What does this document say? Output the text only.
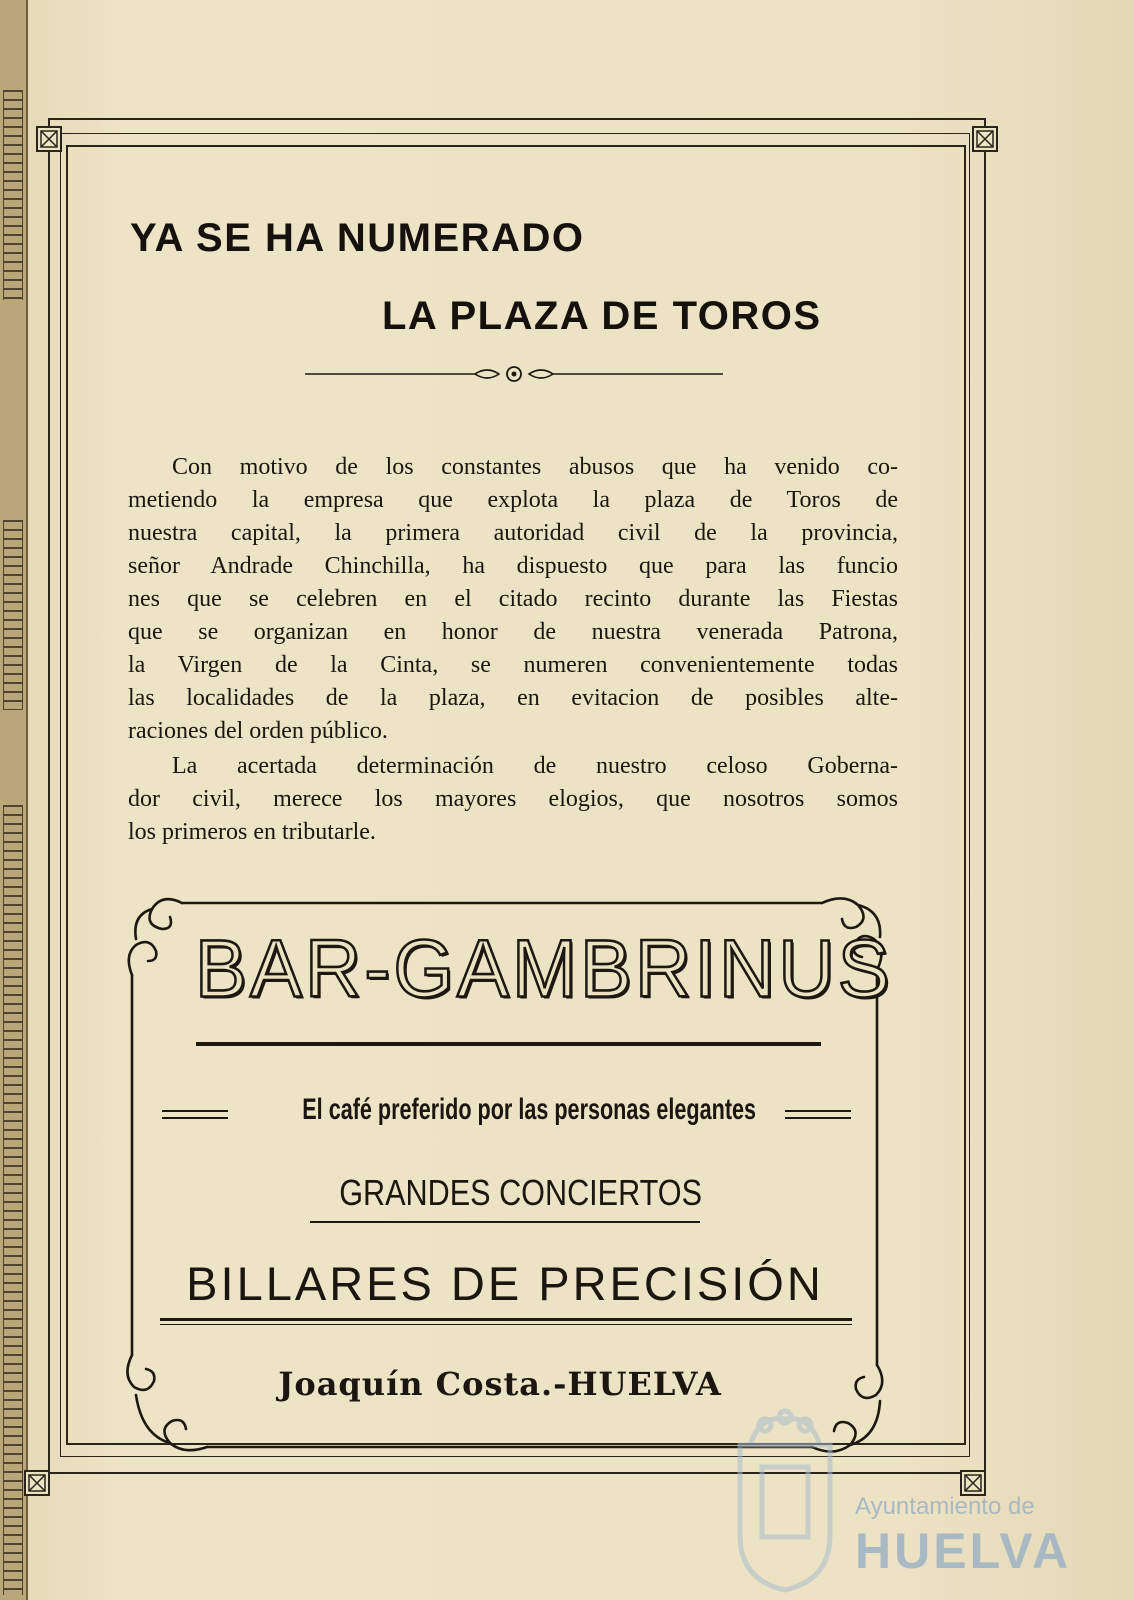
YA SE HA NUMERADO
LA PLAZA DE TOROS

Con motivo de los constantes abusos que ha venido co-

metiendo la empresa que explota la plaza de Toros de

nuestra capital, la primera autoridad civil de la provincia,

señor Andrade Chinchilla, ha dispuesto que para las funcio

nes que se celebren en el citado recinto durante las Fiestas

que se organizan en honor de nuestra venerada Patrona,

la Virgen de la Cinta, se numeren convenientemente todas

las localidades de la plaza, en evitacion de posibles alte-

raciones del orden público.

La acertada determinación de nuestro celoso Goberna-

dor civil, merece los mayores elogios, que nosotros somos

los primeros en tributarle.

BAR-GAMBRINUS
El café preferido por las personas elegantes
GRANDES CONCIERTOS
BILLARES DE PRECISIÓN
Joaquín Costa.-HUELVA
Ayuntamiento de
HUELVA
